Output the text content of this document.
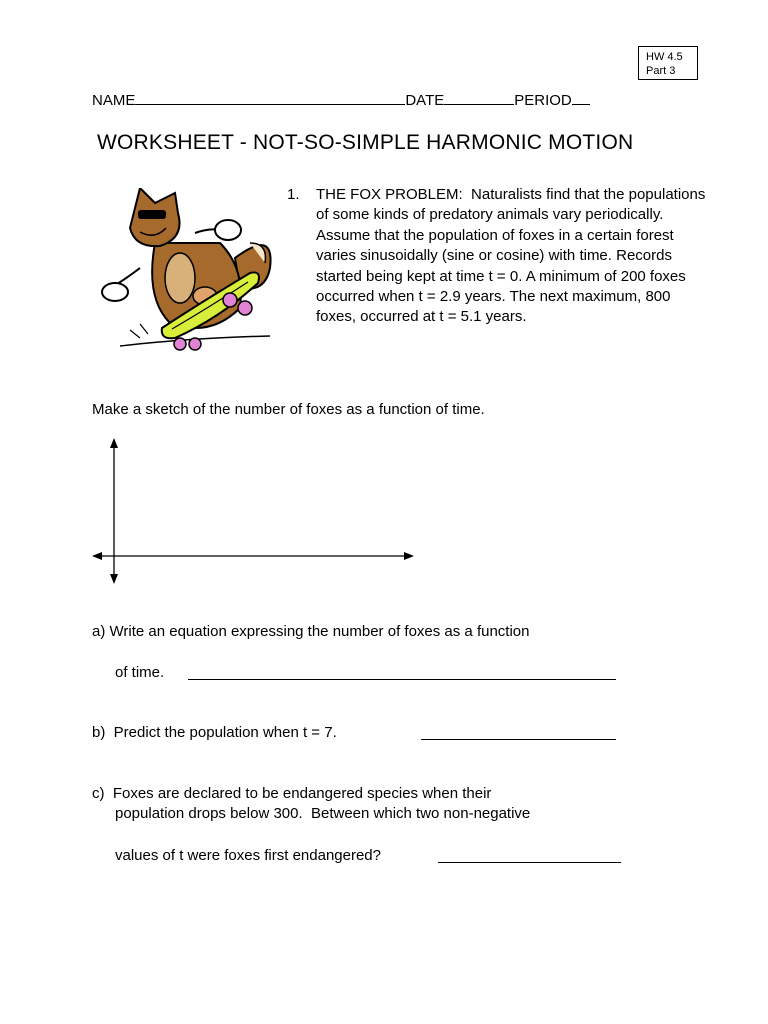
HW 4.5
Part 3
NAME	DATE	PERIOD
WORKSHEET - NOT-SO-SIMPLE HARMONIC MOTION
1. THE FOX PROBLEM: Naturalists find that the populations of some kinds of predatory animals vary periodically. Assume that the population of foxes in a certain forest varies sinusoidally (sine or cosine) with time. Records started being kept at time t = 0. A minimum of 200 foxes occurred when t = 2.9 years. The next maximum, 800 foxes, occurred at t = 5.1 years.
Make a sketch of the number of foxes as a function of time.
a) Write an equation expressing the number of foxes as a function
of time.
b)  Predict the population when t = 7.
c)  Foxes are declared to be endangered species when their
population drops below 300.  Between which two non-negative
values of t were foxes first endangered?
